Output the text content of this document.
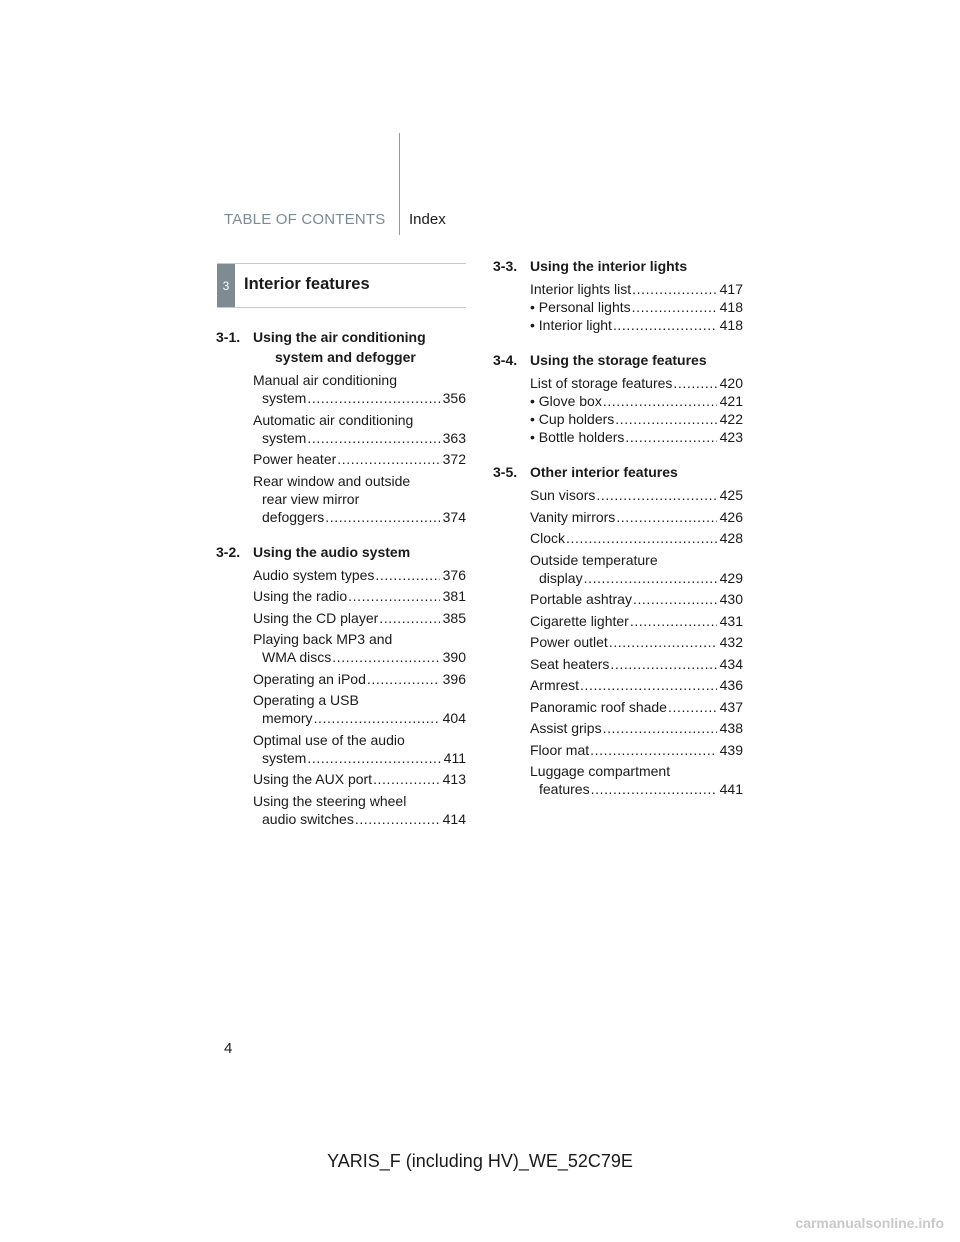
TABLE OF CONTENTS Index
3 Interior features
3-1. Using the air conditioning system and defogger
Manual air conditioning
system .....	356
Automatic air conditioning
system .....	363
Power heater .....	372
Rear window and outside
rear view mirror
defoggers .....	374
3-2. Using the audio system
Audio system types .....	376
Using the radio .....	381
Using the CD player .....	385
Playing back MP3 and
WMA discs .....	390
Operating an iPod .....	396
Operating a USB
memory .....	404
Optimal use of the audio
system .....	411
Using the AUX port .....	413
Using the steering wheel
audio switches .....	414
3-3. Using the interior lights
Interior lights list .....	417
• Personal lights .....	418
• Interior light .....	418
3-4. Using the storage features
List of storage features .....	420
• Glove box .....	421
• Cup holders .....	422
• Bottle holders .....	423
3-5. Other interior features
Sun visors .....	425
Vanity mirrors .....	426
Clock .....	428
Outside temperature
display .....	429
Portable ashtray .....	430
Cigarette lighter .....	431
Power outlet .....	432
Seat heaters .....	434
Armrest .....	436
Panoramic roof shade .....	437
Assist grips .....	438
Floor mat .....	439
Luggage compartment
features .....	441
4
YARIS_F (including HV)_WE_52C79E
carmanualsonline.info
